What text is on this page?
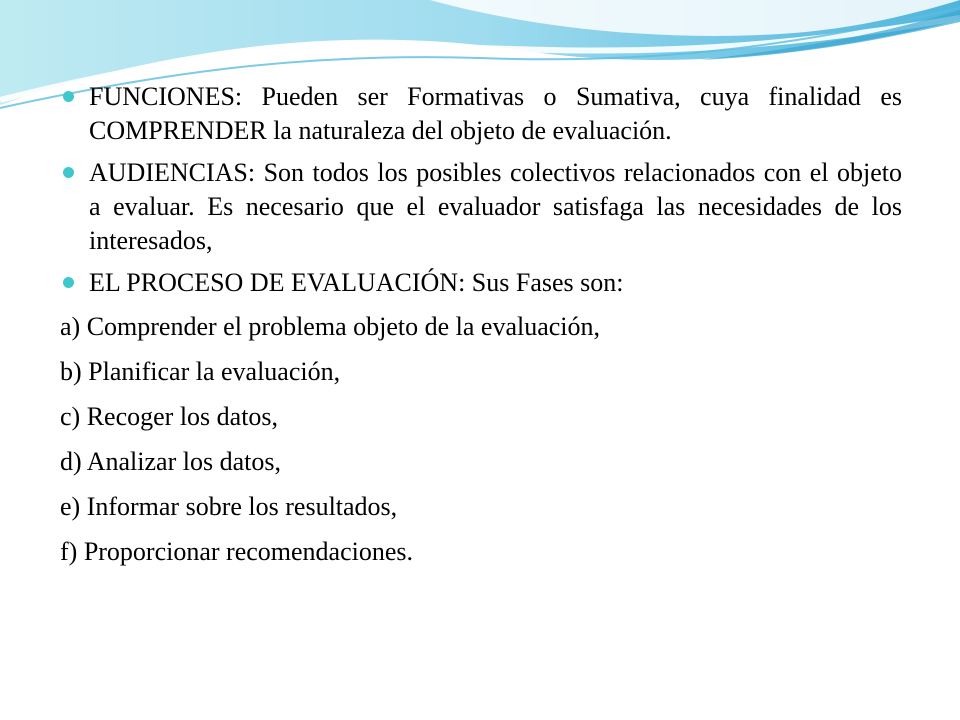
FUNCIONES: Pueden ser Formativas o Sumativa, cuya finalidad es COMPRENDER la naturaleza del objeto de evaluación.
AUDIENCIAS: Son todos los posibles colectivos relacionados con el objeto a evaluar. Es necesario que el evaluador satisfaga las necesidades de los interesados,
EL PROCESO DE EVALUACIÓN: Sus Fases son:
a) Comprender el problema objeto de la evaluación,
b) Planificar la evaluación,
c) Recoger los datos,
d) Analizar los datos,
e) Informar sobre los resultados,
f) Proporcionar recomendaciones.
